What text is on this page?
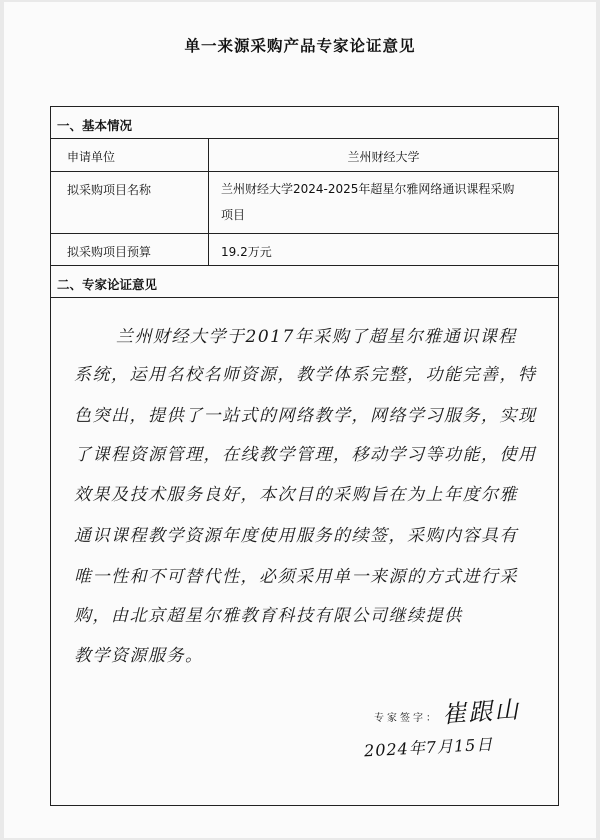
单一来源采购产品专家论证意见
一、基本情况
申请单位	兰州财经大学
拟采购项目名称	兰州财经大学2024-2025年超星尔雅网络通识课程采购
项目
拟采购项目预算	19.2万元
二、专家论证意见
兰州财经大学于2017年采购了超星尔雅通识课程
系统，运用名校名师资源，教学体系完整，功能完善，特
色突出，提供了一站式的网络教学，网络学习服务，实现
了课程资源管理，在线教学管理，移动学习等功能，使用
效果及技术服务良好，本次目的采购旨在为上年度尔雅
通识课程教学资源年度使用服务的续签，采购内容具有
唯一性和不可替代性，必须采用单一来源的方式进行采
购，由北京超星尔雅教育科技有限公司继续提供
教学资源服务。
专家签字： 崔跟山
2024年7月15日
